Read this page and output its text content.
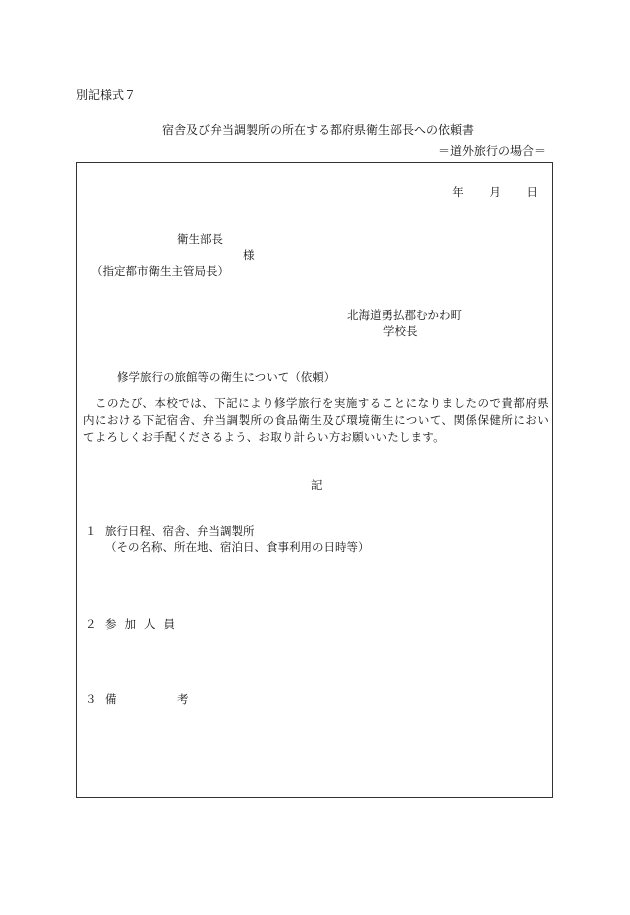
別記様式７
宿舎及び弁当調製所の所在する都府県衛生部長への依頼書
＝道外旅行の場合＝
年 月 日
衛生部長
様
（指定都市衛生主管局長）
北海道勇払郡むかわ町
学校長
修学旅行の旅館等の衛生について（依頼）
このたび、本校では、下記により修学旅行を実施することになりましたので貴都府県内における下記宿舎、弁当調製所の食品衛生及び環境衛生について、関係保健所においてよろしくお手配くださるよう、お取り計らい方お願いいたします。
記
１ 旅行日程、宿舎、弁当調製所
（その名称、所在地、宿泊日、食事利用の日時等）
２ 参加人員
３ 備	考
